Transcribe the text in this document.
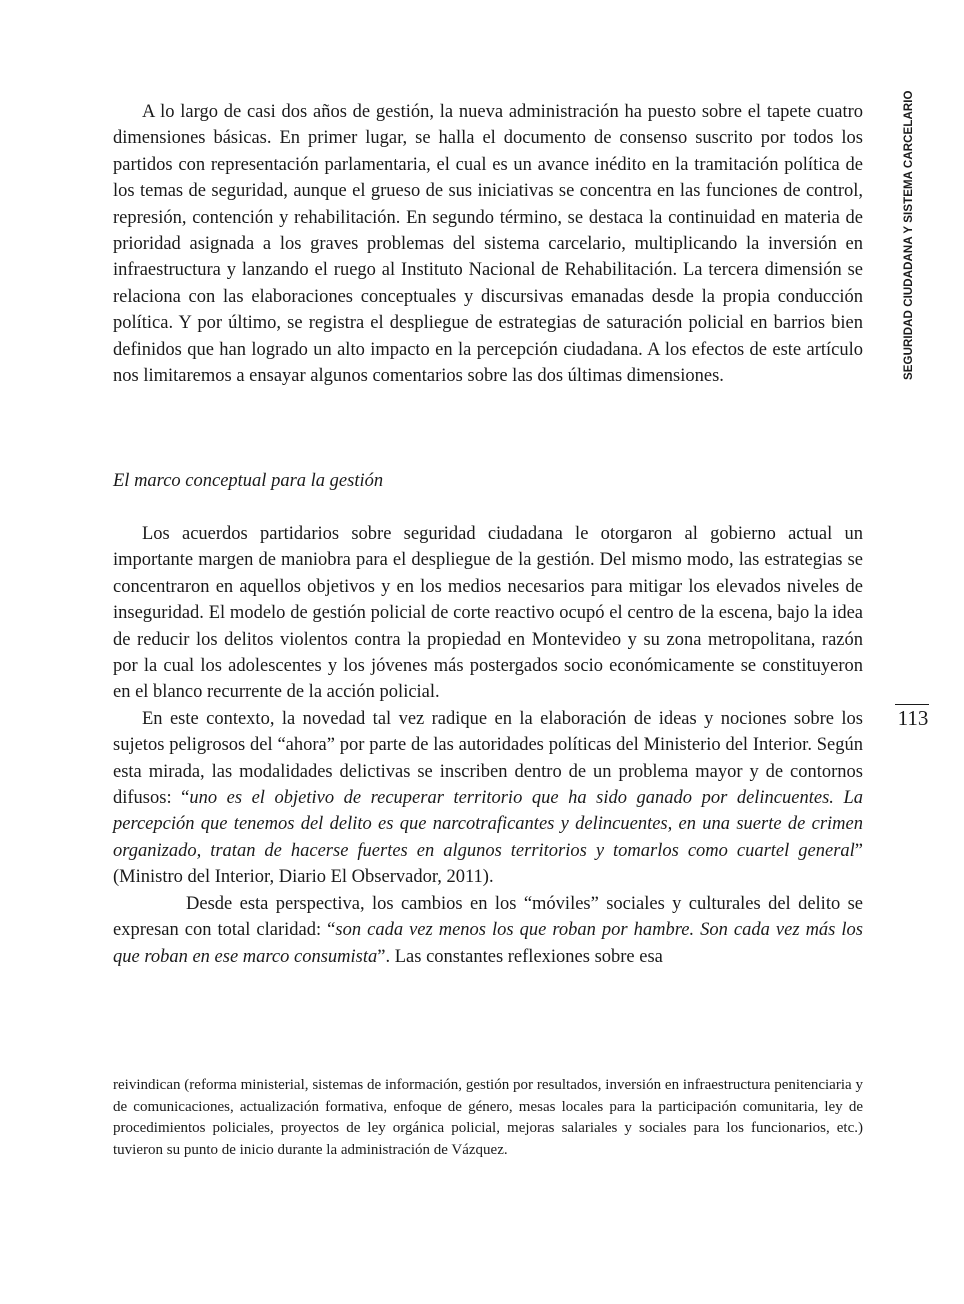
SEGURIDAD CIUDADANA Y SISTEMA CARCELARIO
113

A lo largo de casi dos años de gestión, la nueva administración ha puesto sobre el tapete cuatro dimensiones básicas. En primer lugar, se halla el documento de consenso suscrito por todos los partidos con representación parlamentaria, el cual es un avance inédito en la tramitación política de los temas de seguridad, aunque el grueso de sus iniciativas se concentra en las funciones de control, represión, contención y rehabilitación. En segundo término, se destaca la continuidad en materia de prioridad asignada a los graves problemas del sistema carcelario, multiplicando la inversión en infraestructura y lanzando el ruego al Instituto Nacional de Rehabilitación. La tercera dimensión se relaciona con las elaboraciones conceptuales y discursivas emanadas desde la propia conducción política. Y por último, se registra el despliegue de estrategias de saturación policial en barrios bien definidos que han logrado un alto impacto en la percepción ciudadana. A los efectos de este artículo nos limitaremos a ensayar algunos comentarios sobre las dos últimas dimensiones.

El marco conceptual para la gestión

Los acuerdos partidarios sobre seguridad ciudadana le otorgaron al gobierno actual un importante margen de maniobra para el despliegue de la gestión. Del mismo modo, las estrategias se concentraron en aquellos objetivos y en los medios necesarios para mitigar los elevados niveles de inseguridad. El modelo de gestión policial de corte reactivo ocupó el centro de la escena, bajo la idea de reducir los delitos violentos contra la propiedad en Montevideo y su zona metropolitana, razón por la cual los adolescentes y los jóvenes más postergados socio económicamente se constituyeron en el blanco recurrente de la acción policial.

En este contexto, la novedad tal vez radique en la elaboración de ideas y nociones sobre los sujetos peligrosos del “ahora” por parte de las autoridades políticas del Ministerio del Interior. Según esta mirada, las modalidades delictivas se inscriben dentro de un problema mayor y de contornos difusos: “uno es el objetivo de recuperar territorio que ha sido ganado por delincuentes. La percepción que tenemos del delito es que narcotraficantes y delincuentes, en una suerte de crimen organizado, tratan de hacerse fuertes en algunos territorios y tomarlos como cuartel general” (Ministro del Interior, Diario El Observador, 2011).

Desde esta perspectiva, los cambios en los “móviles” sociales y culturales del delito se expresan con total claridad: “son cada vez menos los que roban por hambre. Son cada vez más los que roban en ese marco consumista”. Las constantes reflexiones sobre esa

reivindican (reforma ministerial, sistemas de información, gestión por resultados, inversión en infraestructura penitenciaria y de comunicaciones, actualización formativa, enfoque de género, mesas locales para la participación comunitaria, ley de procedimientos policiales, proyectos de ley orgánica policial, mejoras salariales y sociales para los funcionarios, etc.) tuvieron su punto de inicio durante la administración de Vázquez.
